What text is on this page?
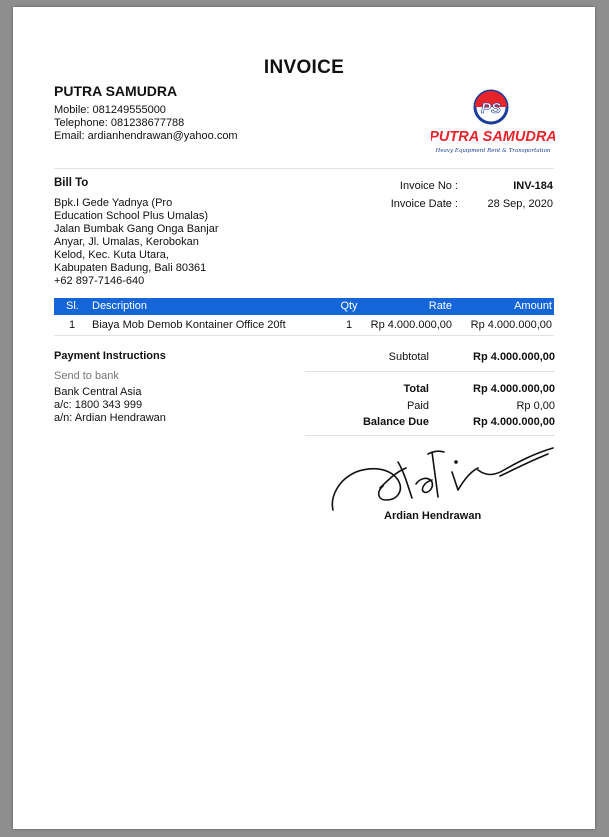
INVOICE
PUTRA SAMUDRA
Mobile: 081249555000
Telephone: 081238677788
Email: ardianhendrawan@yahoo.com
PS
PUTRA SAMUDRA
Heavy Equipment Rent & Transportation
Bill To
Bpk.I Gede Yadnya (Pro
Education School Plus Umalas)
Jalan Bumbak Gang Onga Banjar
Anyar, Jl. Umalas, Kerobokan
Kelod, Kec. Kuta Utara,
Kabupaten Badung, Bali 80361
+62 897-7146-640
Invoice No :	INV-184
Invoice Date :	28 Sep, 2020
Sl. Description	Qty	Rate	Amount
1 Biaya Mob Demob Kontainer Office 20ft	1	Rp 4.000.000,00 Rp 4.000.000,00
Payment Instructions
Send to bank
Bank Central Asia
a/c: 1800 343 999
a/n: Ardian Hendrawan
Subtotal	Rp 4.000.000,00
Total	Rp 4.000.000,00
Paid	Rp 0,00
Balance Due	Rp 4.000.000,00
Ardian Hendrawan
